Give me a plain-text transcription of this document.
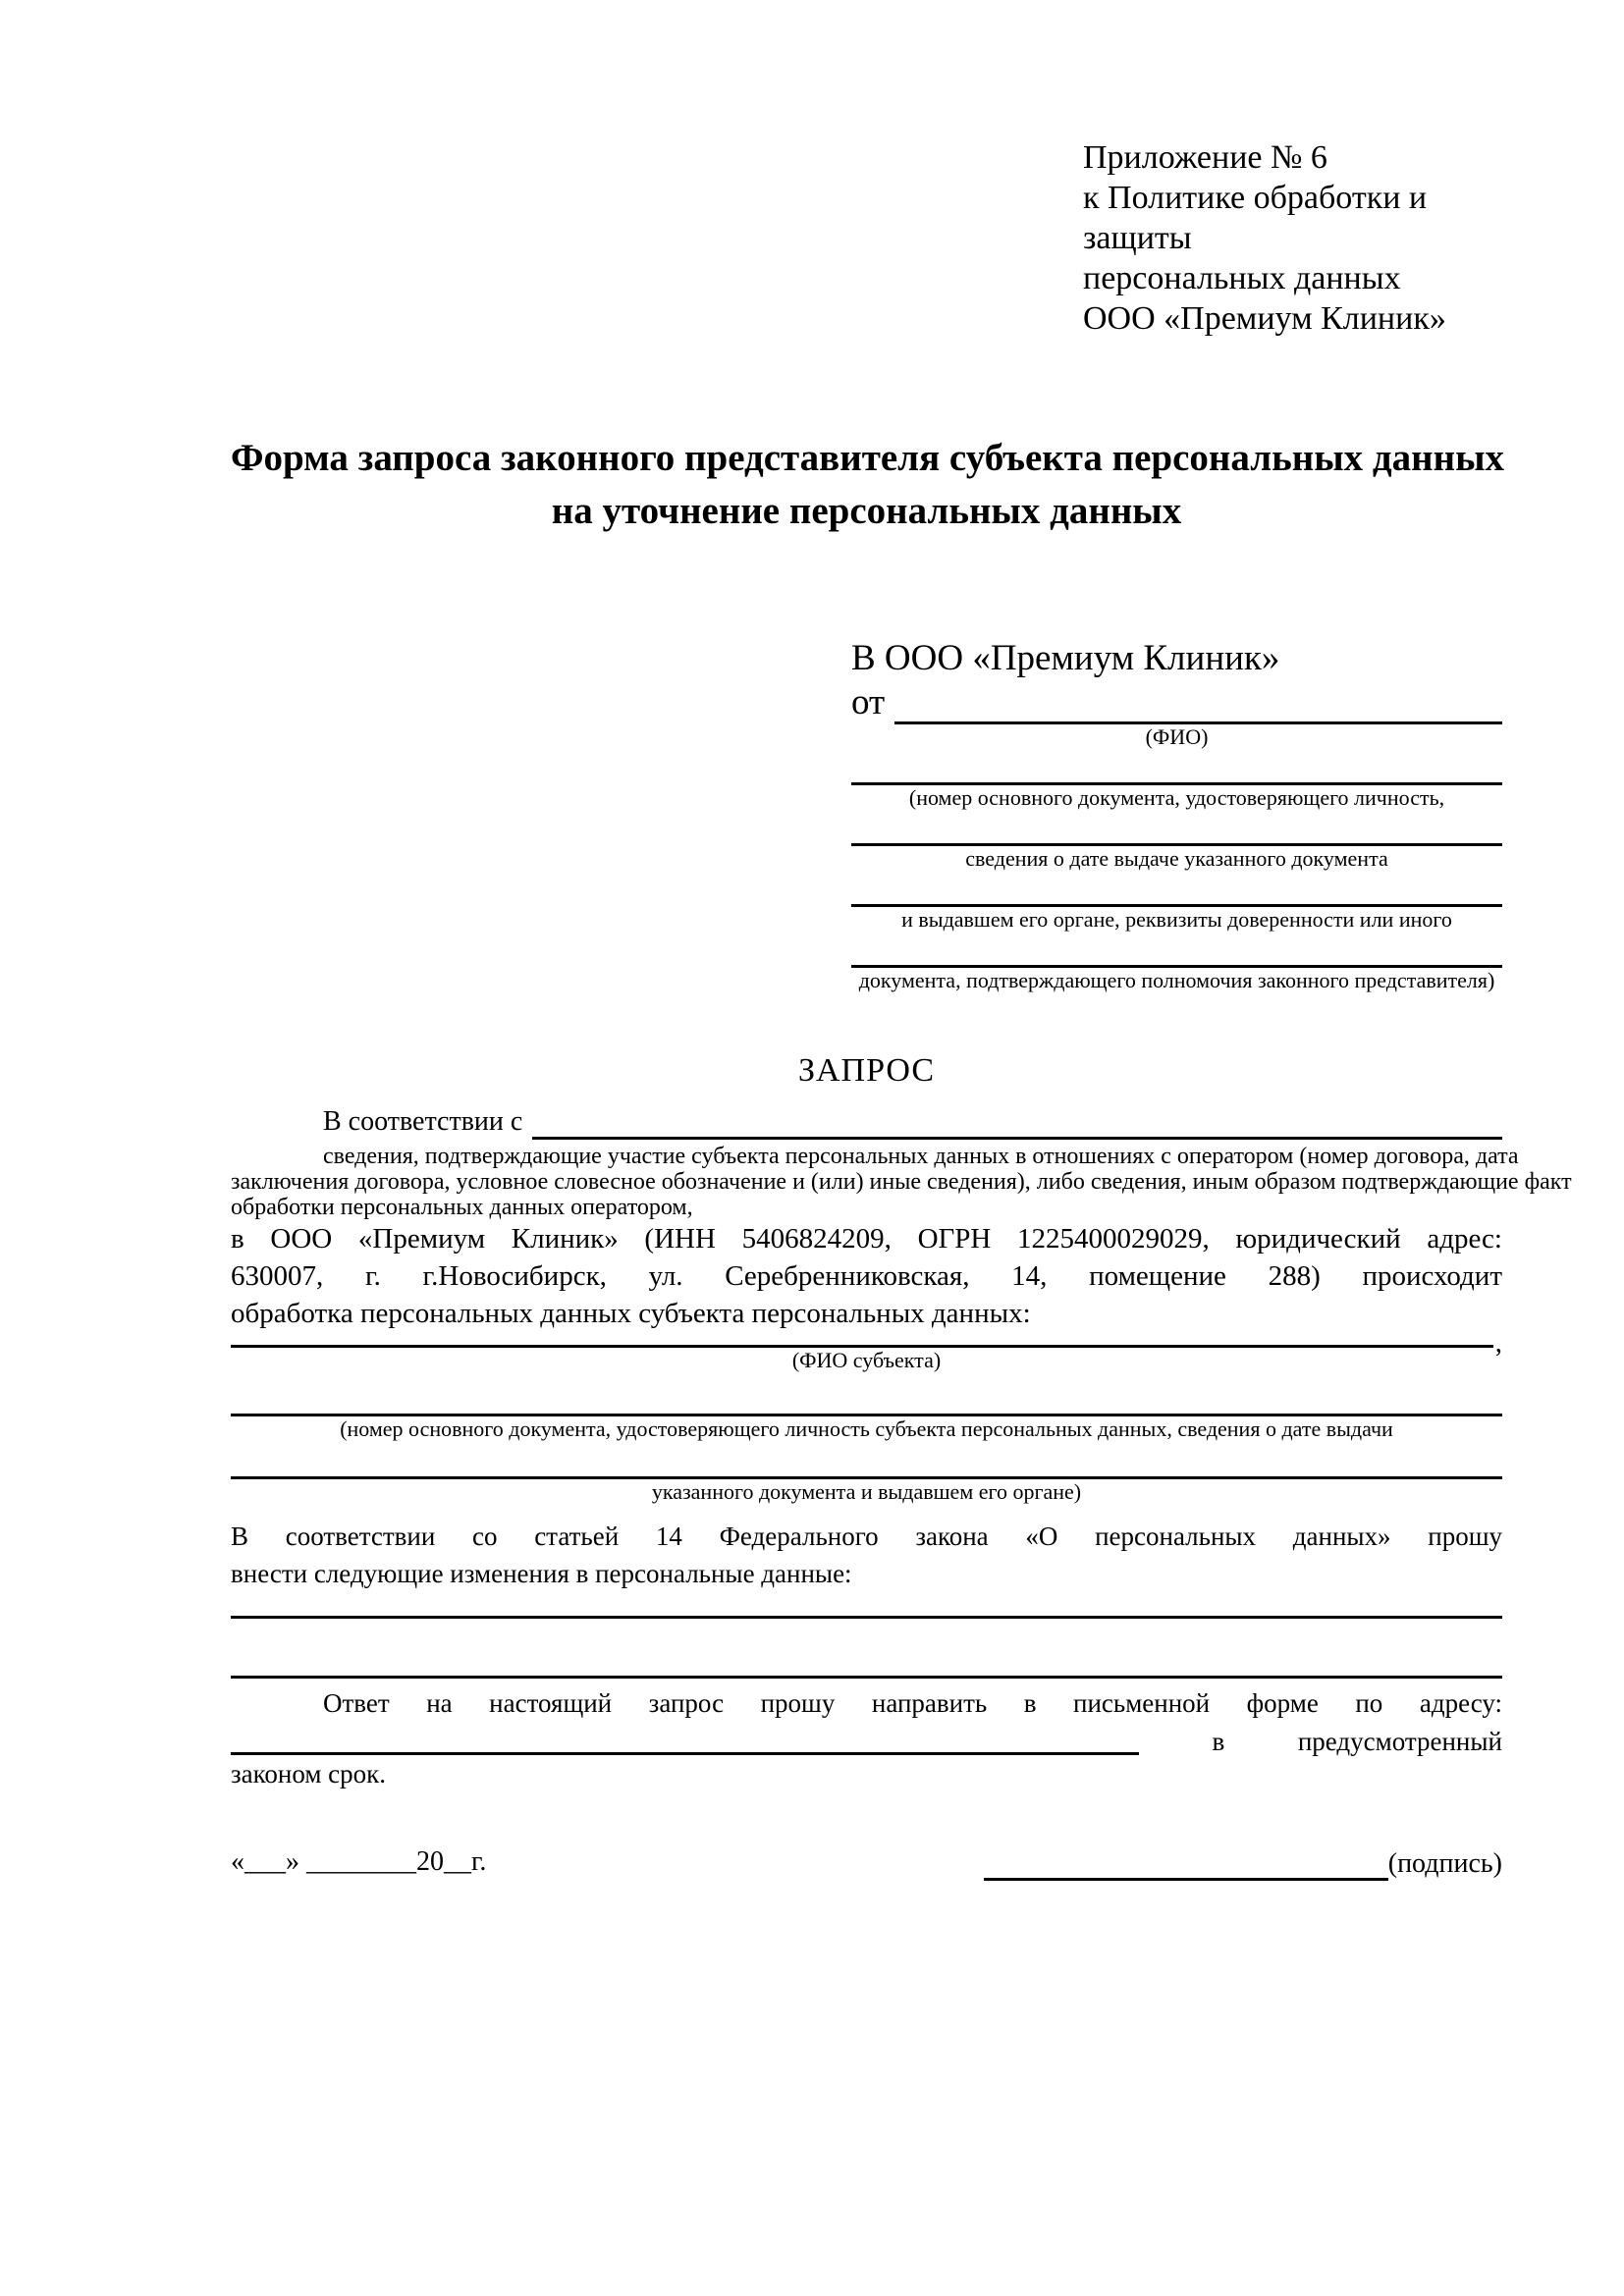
Приложение № 6
к Политике обработки и защиты
персональных данных
ООО «Премиум Клиник»
Форма запроса законного представителя субъекта персональных данных
на уточнение персональных данных
В ООО «Премиум Клиник»
от
(ФИО)
(номер основного документа, удостоверяющего личность,
сведения о дате выдаче указанного документа
и выдавшем его органе, реквизиты доверенности или иного
документа, подтверждающего полномочия законного представителя)
ЗАПРОС
В соответствии с
сведения, подтверждающие участие субъекта персональных данных в отношениях с оператором (номер договора, дата
заключения договора, условное словесное обозначение и (или) иные сведения), либо сведения, иным образом подтверждающие факт
обработки персональных данных оператором,
в ООО «Премиум Клиник» (ИНН 5406824209, ОГРН 1225400029029, юридический адрес:
630007, г. г.Новосибирск, ул. Серебренниковская, 14, помещение 288) происходит
обработка персональных данных субъекта персональных данных:
,
(ФИО субъекта)
(номер основного документа, удостоверяющего личность субъекта персональных данных, сведения о дате выдачи
указанного документа и выдавшем его органе)
В соответствии со статьей 14 Федерального закона «О персональных данных» прошу
внести следующие изменения в персональные данные:
Ответ на настоящий запрос прошу направить в письменной форме по адресу:
в	предусмотренный
законом срок.
«___» ________20__г.	(подпись)
